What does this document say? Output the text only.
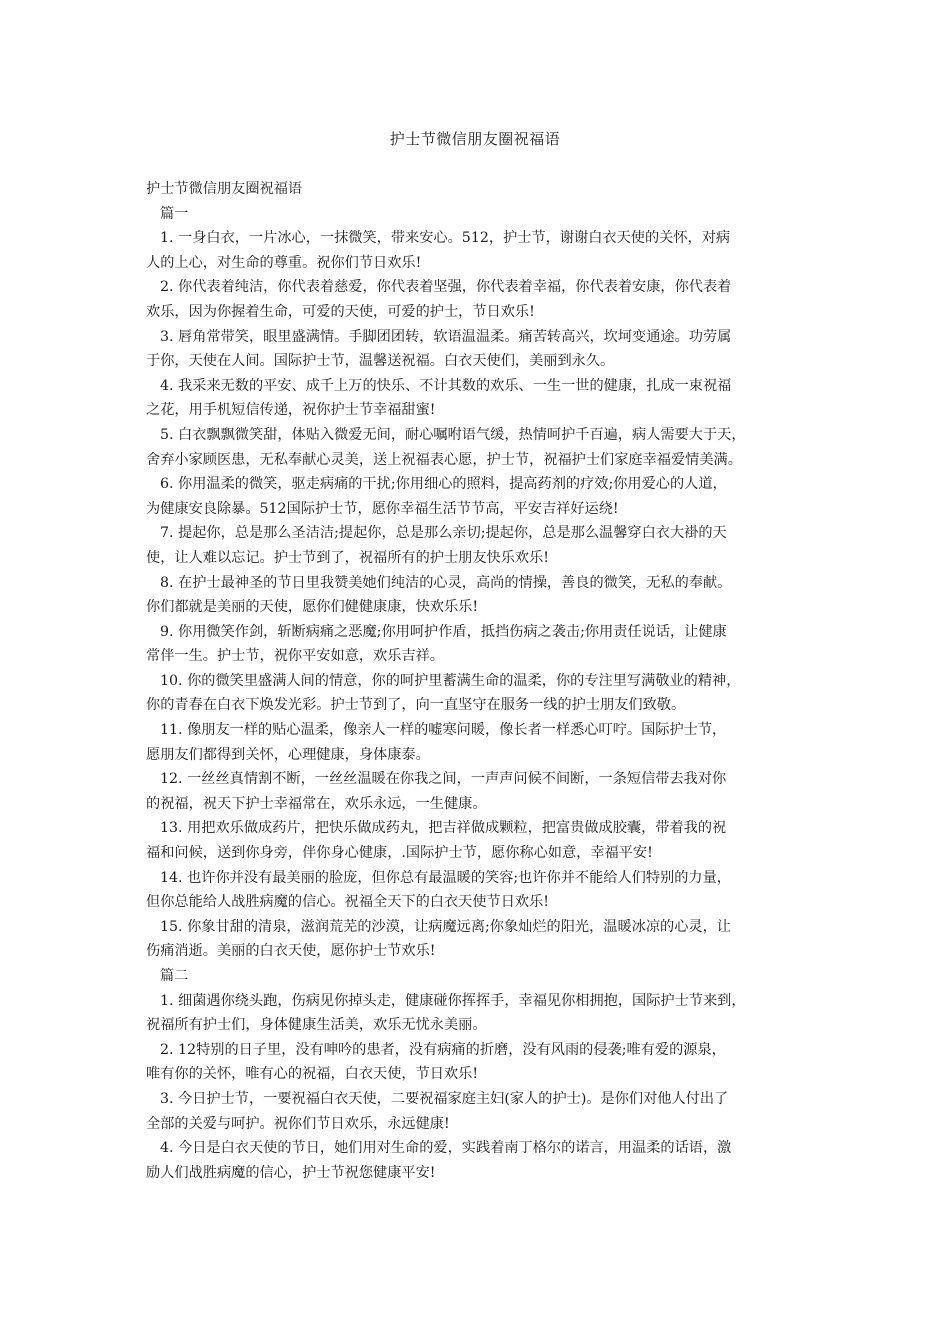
护士节微信朋友圈祝福语

护士节微信朋友圈祝福语

篇一

1. 一身白衣，一片冰心，一抹微笑，带来安心。512，护士节，谢谢白衣天使的关怀，对病
人的上心，对生命的尊重。祝你们节日欢乐!

2. 你代表着纯洁，你代表着慈爱，你代表着坚强，你代表着幸福，你代表着安康，你代表着
欢乐，因为你握着生命，可爱的天使，可爱的护士，节日欢乐!

3. 唇角常带笑，眼里盛满情。手脚团团转，软语温温柔。痛苦转高兴，坎坷变通途。功劳属
于你，天使在人间。国际护士节，温馨送祝福。白衣天使们，美丽到永久。

4. 我采来无数的平安、成千上万的快乐、不计其数的欢乐、一生一世的健康，扎成一束祝福
之花，用手机短信传递，祝你护士节幸福甜蜜!

5. 白衣飘飘微笑甜，体贴入微爱无间，耐心嘱咐语气缓，热情呵护千百遍，病人需要大于天，
舍弃小家顾医患，无私奉献心灵美，送上祝福表心愿，护士节，祝福护士们家庭幸福爱情美满。

6. 你用温柔的微笑，驱走病痛的干扰;你用细心的照料，提高药剂的疗效;你用爱心的人道，
为健康安良除暴。512国际护士节，愿你幸福生活节节高，平安吉祥好运绕!

7. 提起你，总是那么圣洁洁;提起你，总是那么亲切;提起你，总是那么温馨穿白衣大褂的天
使，让人难以忘记。护士节到了，祝福所有的护士朋友快乐欢乐!

8. 在护士最神圣的节日里我赞美她们纯洁的心灵，高尚的情操，善良的微笑，无私的奉献。
你们都就是美丽的天使，愿你们健健康康，快欢乐乐!

9. 你用微笑作剑，斩断病痛之恶魔;你用呵护作盾，抵挡伤病之袭击;你用责任说话，让健康
常伴一生。护士节，祝你平安如意，欢乐吉祥。

10. 你的微笑里盛满人间的情意，你的呵护里蓄满生命的温柔，你的专注里写满敬业的精神，
你的青春在白衣下焕发光彩。护士节到了，向一直坚守在服务一线的护士朋友们致敬。

11. 像朋友一样的贴心温柔，像亲人一样的嘘寒问暖，像长者一样悉心叮咛。国际护士节，
愿朋友们都得到关怀，心理健康，身体康泰。

12. 一丝丝真情割不断，一丝丝温暖在你我之间，一声声问候不间断，一条短信带去我对你
的祝福，祝天下护士幸福常在，欢乐永远，一生健康。

13. 用把欢乐做成药片，把快乐做成药丸，把吉祥做成颗粒，把富贵做成胶囊，带着我的祝
福和问候，送到你身旁，伴你身心健康，.国际护士节，愿你称心如意，幸福平安!

14. 也许你并没有最美丽的脸庞，但你总有最温暖的笑容;也许你并不能给人们特别的力量，
但你总能给人战胜病魔的信心。祝福全天下的白衣天使节日欢乐!

15. 你象甘甜的清泉，滋润荒芜的沙漠，让病魔远离;你象灿烂的阳光，温暖冰凉的心灵，让
伤痛消逝。美丽的白衣天使，愿你护士节欢乐!

篇二

1. 细菌遇你绕头跑，伤病见你掉头走，健康碰你挥挥手，幸福见你相拥抱，国际护士节来到，
祝福所有护士们，身体健康生活美，欢乐无忧永美丽。

2. 12特别的日子里，没有呻吟的患者，没有病痛的折磨，没有风雨的侵袭;唯有爱的源泉，
唯有你的关怀，唯有心的祝福，白衣天使，节日欢乐!

3. 今日护士节，一要祝福白衣天使，二要祝福家庭主妇(家人的护士)。是你们对他人付出了
全部的关爱与呵护。祝你们节日欢乐，永远健康!

4. 今日是白衣天使的节日，她们用对生命的爱，实践着南丁格尔的诺言，用温柔的话语，激
励人们战胜病魔的信心，护士节祝您健康平安!
